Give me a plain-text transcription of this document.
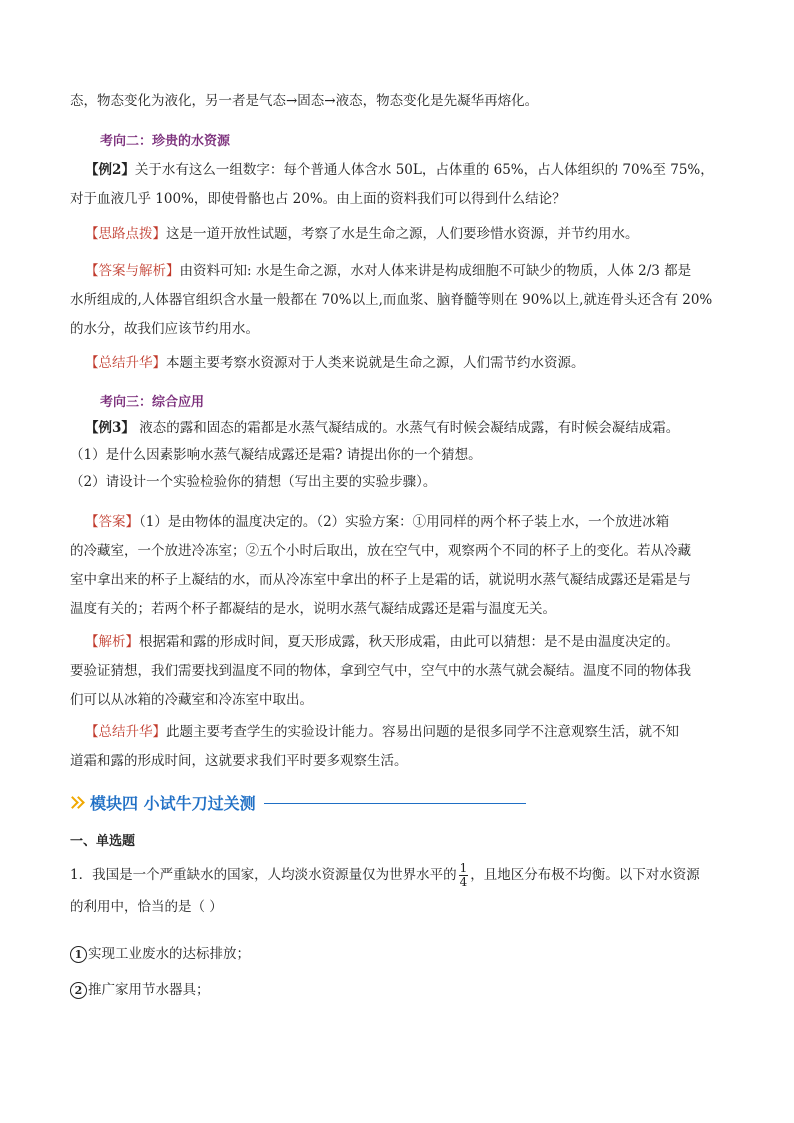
态，物态变化为液化，另一者是气态→固态→液态，物态变化是先凝华再熔化。

考向二：珍贵的水资源

【例2】关于水有这么一组数字：每个普通人体含水 50L，占体重的 65%，占人体组织的 70%至 75%，
对于血液几乎 100%，即使骨骼也占 20%。由上面的资料我们可以得到什么结论？

【思路点拨】这是一道开放性试题，考察了水是生命之源，人们要珍惜水资源，并节约用水。

【答案与解析】由资料可知: 水是生命之源，水对人体来讲是构成细胞不可缺少的物质，人体 2/3 都是
水所组成的,人体器官组织含水量一般都在 70%以上,而血浆、脑脊髓等则在 90%以上,就连骨头还含有 20%
的水分，故我们应该节约用水。

【总结升华】本题主要考察水资源对于人类来说就是生命之源，人们需节约水资源。

考向三：综合应用

【例3】 液态的露和固态的霜都是水蒸气凝结成的。水蒸气有时候会凝结成露，有时候会凝结成霜。
（1）是什么因素影响水蒸气凝结成露还是霜? 请提出你的一个猜想。
（2）请设计一个实验检验你的猜想（写出主要的实验步骤）。

【答案】（1）是由物体的温度决定的。（2）实验方案：①用同样的两个杯子装上水，一个放进冰箱
的冷藏室，一个放进冷冻室；②五个小时后取出，放在空气中，观察两个不同的杯子上的变化。若从冷藏
室中拿出来的杯子上凝结的水，而从冷冻室中拿出的杯子上是霜的话，就说明水蒸气凝结成露还是霜是与
温度有关的；若两个杯子都凝结的是水，说明水蒸气凝结成露还是霜与温度无关。

【解析】根据霜和露的形成时间，夏天形成露，秋天形成霜，由此可以猜想：是不是由温度决定的。
要验证猜想，我们需要找到温度不同的物体，拿到空气中，空气中的水蒸气就会凝结。温度不同的物体我
们可以从冰箱的冷藏室和冷冻室中取出。

【总结升华】此题主要考查学生的实验设计能力。容易出问题的是很多同学不注意观察生活，就不知
道霜和露的形成时间，这就要求我们平时要多观察生活。

模块四 小试牛刀过关测

一、单选题

1．我国是一个严重缺水的国家，人均淡水资源量仅为世界水平的 $\frac{1}{4}$ ，且地区分布极不均衡。以下对水资源
的利用中，恰当的是（ ）

1 实现工业废水的达标排放；

2 推广家用节水器具；
